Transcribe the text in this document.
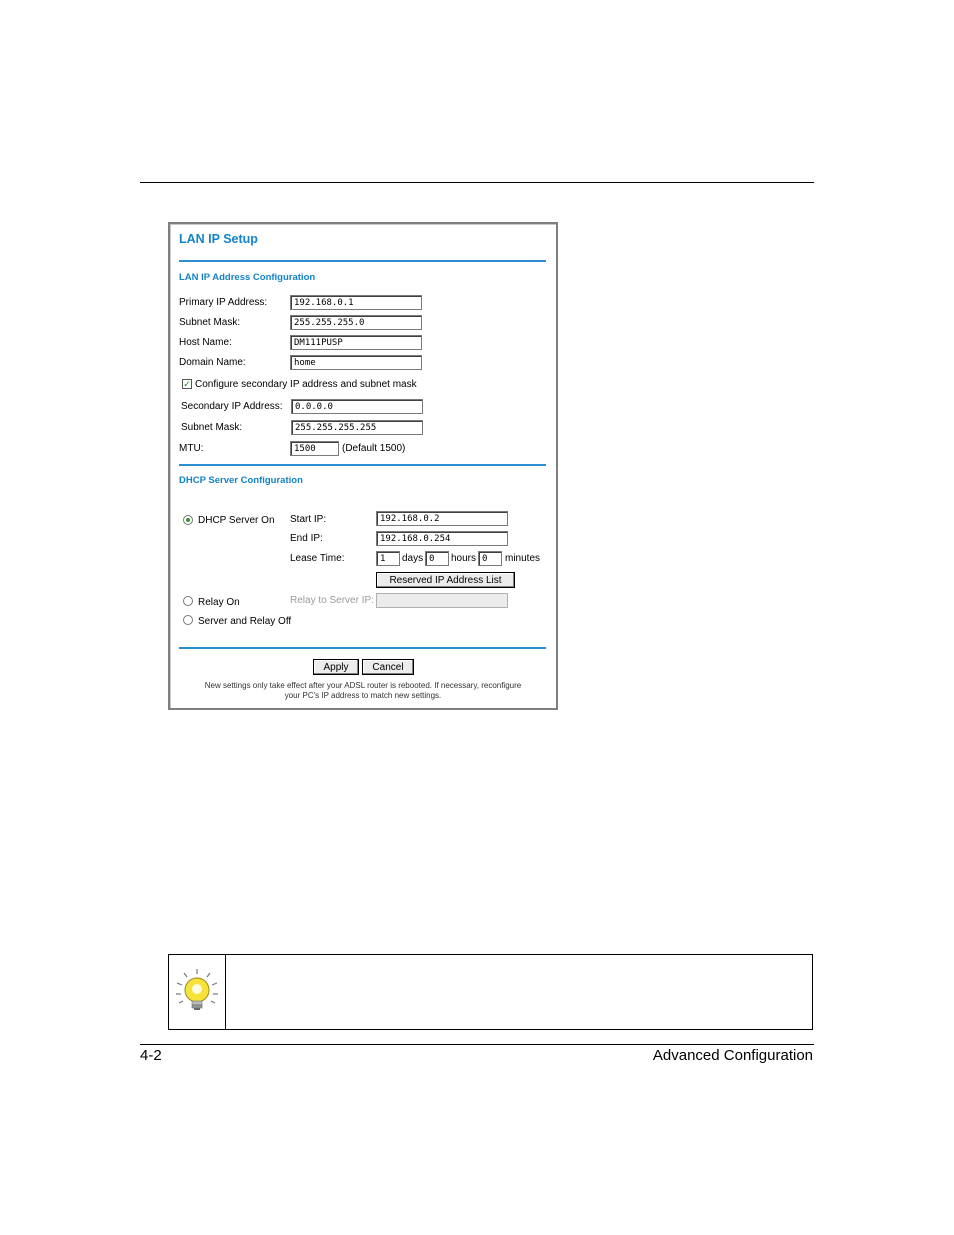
LAN IP Setup
LAN IP Address Configuration
Primary IP Address:	192.168.0.1
Subnet Mask:	255.255.255.0
Host Name:	DM111PUSP
Domain Name:	home
✓ Configure secondary IP address and subnet mask
Secondary IP Address:	0.0.0.0
Subnet Mask:	255.255.255.255
MTU:	1500	(Default 1500)
DHCP Server Configuration
DHCP Server On Start IP:	192.168.0.2
End IP:	192.168.0.254
Lease Time:	1	days 0	hours 0	minutes
Reserved IP Address List
Relay On	Relay to Server IP:
Server and Relay Off
Apply	Cancel
New settings only take effect after your ADSL router is rebooted. If necessary, reconfigure
your PC's IP address to match new settings.
4-2	Advanced Configuration
